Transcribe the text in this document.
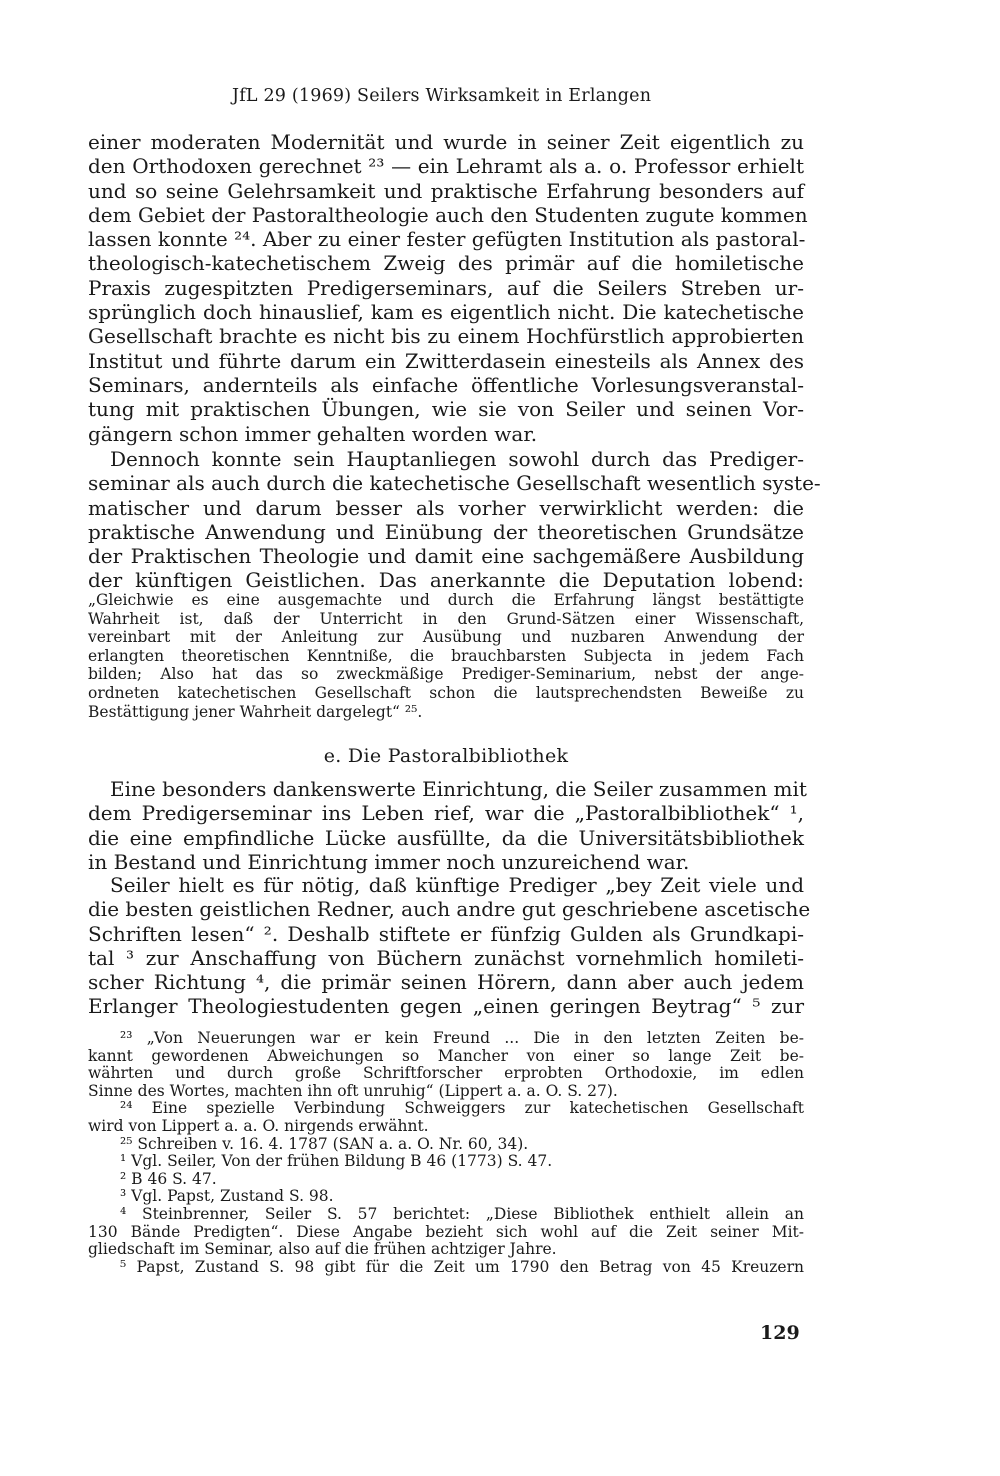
JfL 29 (1969) Seilers Wirksamkeit in Erlangen
einer moderaten Modernität und wurde in seiner Zeit eigentlich zu
den Orthodoxen gerechnet ²³ — ein Lehramt als a. o. Professor erhielt
und so seine Gelehrsamkeit und praktische Erfahrung besonders auf
dem Gebiet der Pastoraltheologie auch den Studenten zugute kommen
lassen konnte ²⁴. Aber zu einer fester gefügten Institution als pastoral-
theologisch-katechetischem Zweig des primär auf die homiletische
Praxis zugespitzten Predigerseminars, auf die Seilers Streben ur-
sprünglich doch hinauslief, kam es eigentlich nicht. Die katechetische
Gesellschaft brachte es nicht bis zu einem Hochfürstlich approbierten
Institut und führte darum ein Zwitterdasein einesteils als Annex des
Seminars, andernteils als einfache öffentliche Vorlesungsveranstal-
tung mit praktischen Übungen, wie sie von Seiler und seinen Vor-
gängern schon immer gehalten worden war.
Dennoch konnte sein Hauptanliegen sowohl durch das Prediger-
seminar als auch durch die katechetische Gesellschaft wesentlich syste-
matischer und darum besser als vorher verwirklicht werden: die
praktische Anwendung und Einübung der theoretischen Grundsätze
der Praktischen Theologie und damit eine sachgemäßere Ausbildung
der künftigen Geistlichen. Das anerkannte die Deputation lobend:
„Gleichwie es eine ausgemachte und durch die Erfahrung längst bestättigte
Wahrheit ist, daß der Unterricht in den Grund-Sätzen einer Wissenschaft,
vereinbart mit der Anleitung zur Ausübung und nuzbaren Anwendung der
erlangten theoretischen Kenntniße, die brauchbarsten Subjecta in jedem Fach
bilden; Also hat das so zweckmäßige Prediger-Seminarium, nebst der ange-
ordneten katechetischen Gesellschaft schon die lautsprechendsten Beweiße zu
Bestättigung jener Wahrheit dargelegt“ ²⁵.
e. Die Pastoralbibliothek
Eine besonders dankenswerte Einrichtung, die Seiler zusammen mit
dem Predigerseminar ins Leben rief, war die „Pastoralbibliothek“ ¹,
die eine empfindliche Lücke ausfüllte, da die Universitätsbibliothek
in Bestand und Einrichtung immer noch unzureichend war.
Seiler hielt es für nötig, daß künftige Prediger „bey Zeit viele und
die besten geistlichen Redner, auch andre gut geschriebene ascetische
Schriften lesen“ ². Deshalb stiftete er fünfzig Gulden als Grundkapi-
tal ³ zur Anschaffung von Büchern zunächst vornehmlich homileti-
scher Richtung ⁴, die primär seinen Hörern, dann aber auch jedem
Erlanger Theologiestudenten gegen „einen geringen Beytrag“ ⁵ zur
²³ „Von Neuerungen war er kein Freund ... Die in den letzten Zeiten be-
kannt gewordenen Abweichungen so Mancher von einer so lange Zeit be-
währten und durch große Schriftforscher erprobten Orthodoxie, im edlen
Sinne des Wortes, machten ihn oft unruhig“ (Lippert a. a. O. S. 27).
²⁴ Eine spezielle Verbindung Schweiggers zur katechetischen Gesellschaft
wird von Lippert a. a. O. nirgends erwähnt.
²⁵ Schreiben v. 16. 4. 1787 (SAN a. a. O. Nr. 60, 34).
¹ Vgl. Seiler, Von der frühen Bildung B 46 (1773) S. 47.
² B 46 S. 47.
³ Vgl. Papst, Zustand S. 98.
⁴ Steinbrenner, Seiler S. 57 berichtet: „Diese Bibliothek enthielt allein an
130 Bände Predigten“. Diese Angabe bezieht sich wohl auf die Zeit seiner Mit-
gliedschaft im Seminar, also auf die frühen achtziger Jahre.
⁵ Papst, Zustand S. 98 gibt für die Zeit um 1790 den Betrag von 45 Kreuzern
129
